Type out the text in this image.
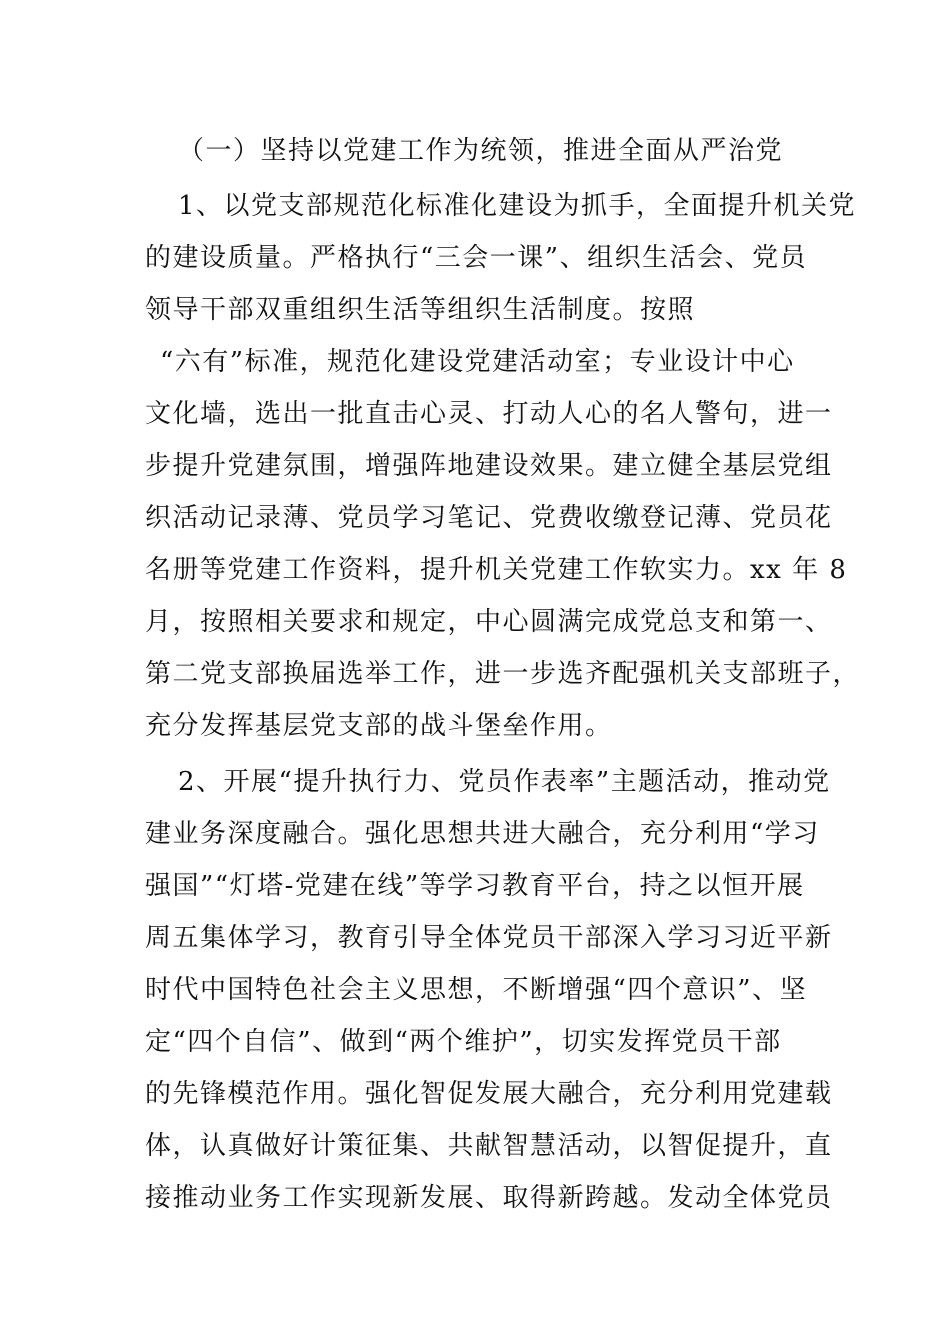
（一）坚持以党建工作为统领，推进全面从严治党
1、以党支部规范化标准化建设为抓手，全面提升机关党
的建设质量。严格执行“三会一课”、组织生活会、党员
领导干部双重组织生活等组织生活制度。按照
“六有”标准，规范化建设党建活动室；专业设计中心
文化墙，选出一批直击心灵、打动人心的名人警句，进一
步提升党建氛围，增强阵地建设效果。建立健全基层党组
织活动记录薄、党员学习笔记、党费收缴登记薄、党员花
名册等党建工作资料，提升机关党建工作软实力。xx 年 8
月，按照相关要求和规定，中心圆满完成党总支和第一、
第二党支部换届选举工作，进一步选齐配强机关支部班子，
充分发挥基层党支部的战斗堡垒作用。
2、开展“提升执行力、党员作表率”主题活动，推动党
建业务深度融合。强化思想共进大融合，充分利用“学习
强国”“灯塔-党建在线”等学习教育平台，持之以恒开展
周五集体学习，教育引导全体党员干部深入学习习近平新
时代中国特色社会主义思想，不断增强“四个意识”、坚
定“四个自信”、做到“两个维护”，切实发挥党员干部
的先锋模范作用。强化智促发展大融合，充分利用党建载
体，认真做好计策征集、共献智慧活动，以智促提升，直
接推动业务工作实现新发展、取得新跨越。发动全体党员
